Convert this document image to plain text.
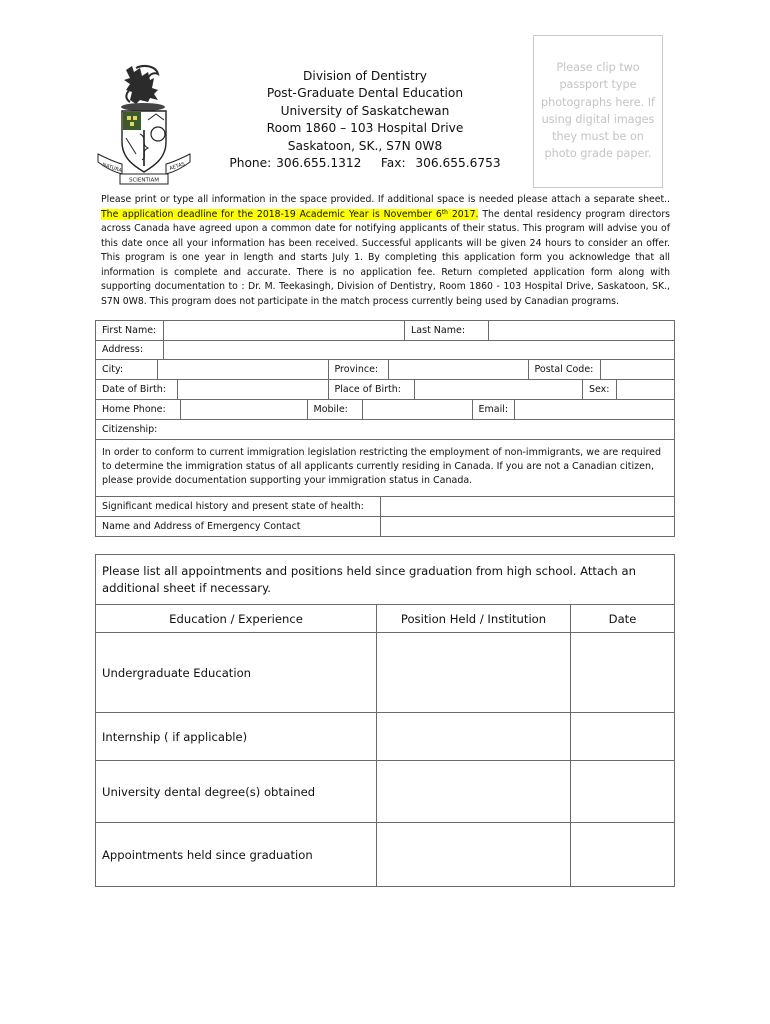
NATURA	AETAS
SCIENTIAM
Division of Dentistry
Post-Graduate Dental Education
University of Saskatchewan
Room 1860 – 103 Hospital Drive
Saskatoon, SK., S7N 0W8
Phone: 306.655.1312    Fax:  306.655.6753
Please clip two passport type photographs here. If using digital images they must be on photo grade paper.
Please print or type all information in the space provided. If additional space is needed please attach a separate sheet.. The application deadline for the 2018-19 Academic Year is November 6th 2017. The dental residency program directors across Canada have agreed upon a common date for notifying applicants of their status. This program will advise you of this date once all your information has been received. Successful applicants will be given 24 hours to consider an offer. This program is one year in length and starts July 1. By completing this application form you acknowledge that all information is complete and accurate. There is no application fee. Return completed application form along with supporting documentation to : Dr. M. Teekasingh, Division of Dentistry, Room 1860 - 103 Hospital Drive, Saskatoon, SK., S7N 0W8. This program does not participate in the match process currently being used by Canadian programs.
First Name:		Last Name:	
Address:	

City:		Province:		Postal Code:	

Date of Birth:		Place of Birth:		Sex:	

Home Phone:		Mobile:		Email:	

Citizenship:
In order to conform to current immigration legislation restricting the employment of non-immigrants, we are required to determine the immigration status of all applicants currently residing in Canada. If you are not a Canadian citizen, please provide documentation supporting your immigration status in Canada.

Significant medical history and present state of health:	

Name and Address of Emergency Contact	
Please list all appointments and positions held since graduation from high school. Attach an additional sheet if necessary.		
Education / Experience	Position Held / Institution	Date
Undergraduate Education		
Internship ( if applicable)		
University dental degree(s) obtained		
Appointments held since graduation		
